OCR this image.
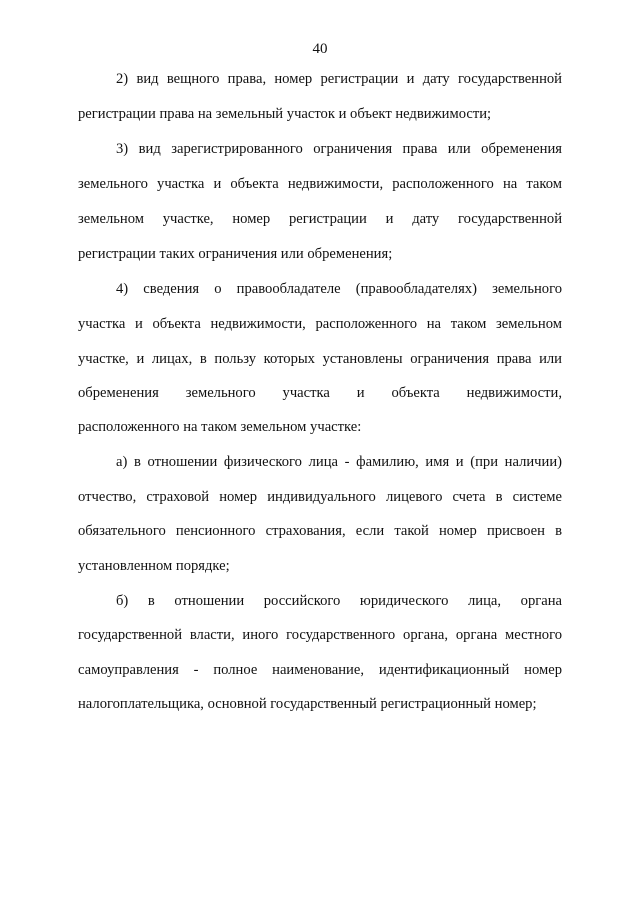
40
2) вид вещного права, номер регистрации и дату государственной
регистрации права на земельный участок и объект недвижимости;
3) вид зарегистрированного ограничения права или обременения
земельного участка и объекта недвижимости, расположенного на таком
земельном участке, номер регистрации и дату государственной
регистрации таких ограничения или обременения;
4) сведения о правообладателе (правообладателях) земельного
участка и объекта недвижимости, расположенного на таком земельном
участке, и лицах, в пользу которых установлены ограничения права или
обременения земельного участка и объекта недвижимости,
расположенного на таком земельном участке:
а) в отношении физического лица - фамилию, имя и (при наличии)
отчество, страховой номер индивидуального лицевого счета в системе
обязательного пенсионного страхования, если такой номер присвоен в
установленном порядке;
б) в отношении российского юридического лица, органа
государственной власти, иного государственного органа, органа местного
самоуправления - полное наименование, идентификационный номер
налогоплательщика, основной государственный регистрационный номер;
